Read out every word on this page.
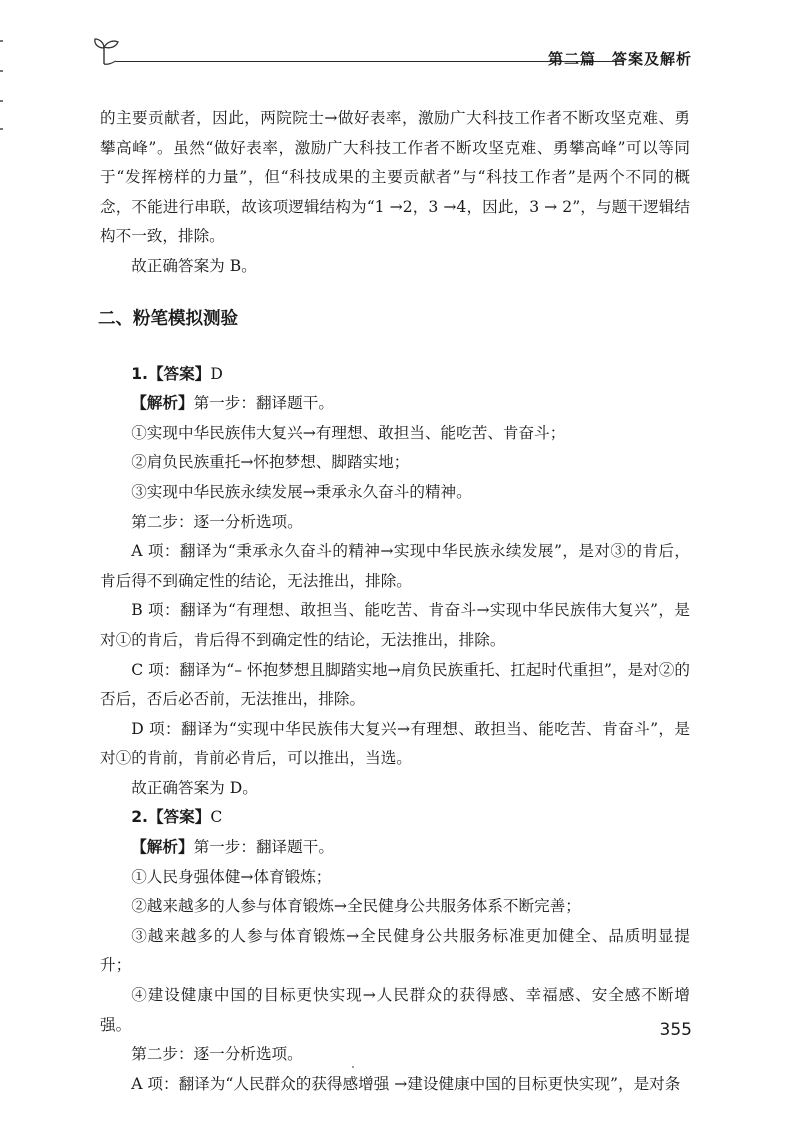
第二篇　答案及解析

的主要贡献者，因此，两院院士→做好表率，激励广大科技工作者不断攻坚克难、勇攀高峰”。虽然“做好表率，激励广大科技工作者不断攻坚克难、勇攀高峰”可以等同于“发挥榜样的力量”，但“科技成果的主要贡献者”与“科技工作者”是两个不同的概念，不能进行串联，故该项逻辑结构为“1 →2，3 →4，因此，3 → 2”，与题干逻辑结构不一致，排除。

故正确答案为 B。

二、粉笔模拟测验

1.【答案】D

【解析】第一步：翻译题干。

①实现中华民族伟大复兴→有理想、敢担当、能吃苦、肯奋斗；

②肩负民族重托→怀抱梦想、脚踏实地；

③实现中华民族永续发展→秉承永久奋斗的精神。

第二步：逐一分析选项。

A 项：翻译为“秉承永久奋斗的精神→实现中华民族永续发展”，是对③的肯后，肯后得不到确定性的结论，无法推出，排除。

B 项：翻译为“有理想、敢担当、能吃苦、肯奋斗→实现中华民族伟大复兴”，是对①的肯后，肯后得不到确定性的结论，无法推出，排除。

C 项：翻译为“– 怀抱梦想且脚踏实地→肩负民族重托、扛起时代重担”，是对②的否后，否后必否前，无法推出，排除。

D 项：翻译为“实现中华民族伟大复兴→有理想、敢担当、能吃苦、肯奋斗”，是对①的肯前，肯前必肯后，可以推出，当选。

故正确答案为 D。

2.【答案】C

【解析】第一步：翻译题干。

①人民身强体健→体育锻炼；

②越来越多的人参与体育锻炼→全民健身公共服务体系不断完善；

③越来越多的人参与体育锻炼→全民健身公共服务标准更加健全、品质明显提升；

④建设健康中国的目标更快实现→人民群众的获得感、幸福感、安全感不断增强。

第二步：逐一分析选项。

A 项：翻译为“人民群众的获得感增强 →建设健康中国的目标更快实现”，是对条

355
